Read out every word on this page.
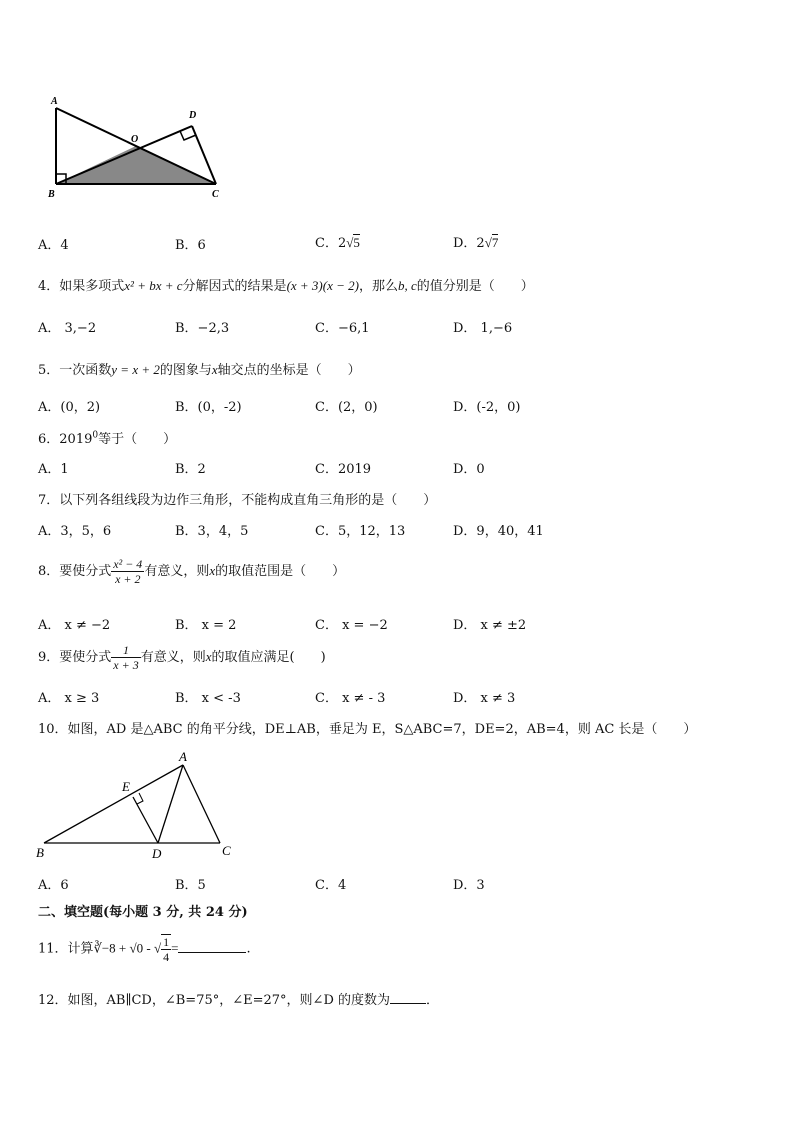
A
B	C
D
O
A．4	B．6	C．2√5	D．2√7
4．如果多项式x² + bx + c分解因式的结果是(x + 3)(x − 2)，那么b, c的值分别是（　　）
A． 3,−2	B．−2,3	C．−6,1	D． 1,−6
5．一次函数y = x + 2的图象与x轴交点的坐标是（　　）
A．(0，2)	B．(0，-2)	C．(2，0)	D．(-2，0)
6．2019$^0$等于（　　）
A．1	B．2	C．2019	D．0
7．以下列各组线段为边作三角形，不能构成直角三角形的是（　　）
A．3，5，6	B．3，4，5	C．5，12，13	D．9，40，41
8．要使分式 $\frac{\text{x² − 4}}{x + 2}$ 有意义，则x的取值范围是（　　）
A． x ≠ −2	B． x = 2	C． x = −2	D． x ≠ ±2
9．要使分式 $\frac{1}{x + 3}$ 有意义，则x的取值应满足(　　)
A． x ≥ 3	B． x < -3	C． x ≠ - 3	D． x ≠ 3
10．如图，AD 是△ABC 的角平分线，DE⊥AB，垂足为 E，S△ABC=7，DE=2，AB=4，则 AC 长是（　　）
A
B	C
D
E
A．6	B．5	C．4	D．3
二、填空题(每小题 3 分, 共 24 分)
11．计算∛−8 + √0 - √ $\frac{1}{4}$ =	.
12．如图，AB∥CD，∠B=75°，∠E=27°，则∠D 的度数为	．
